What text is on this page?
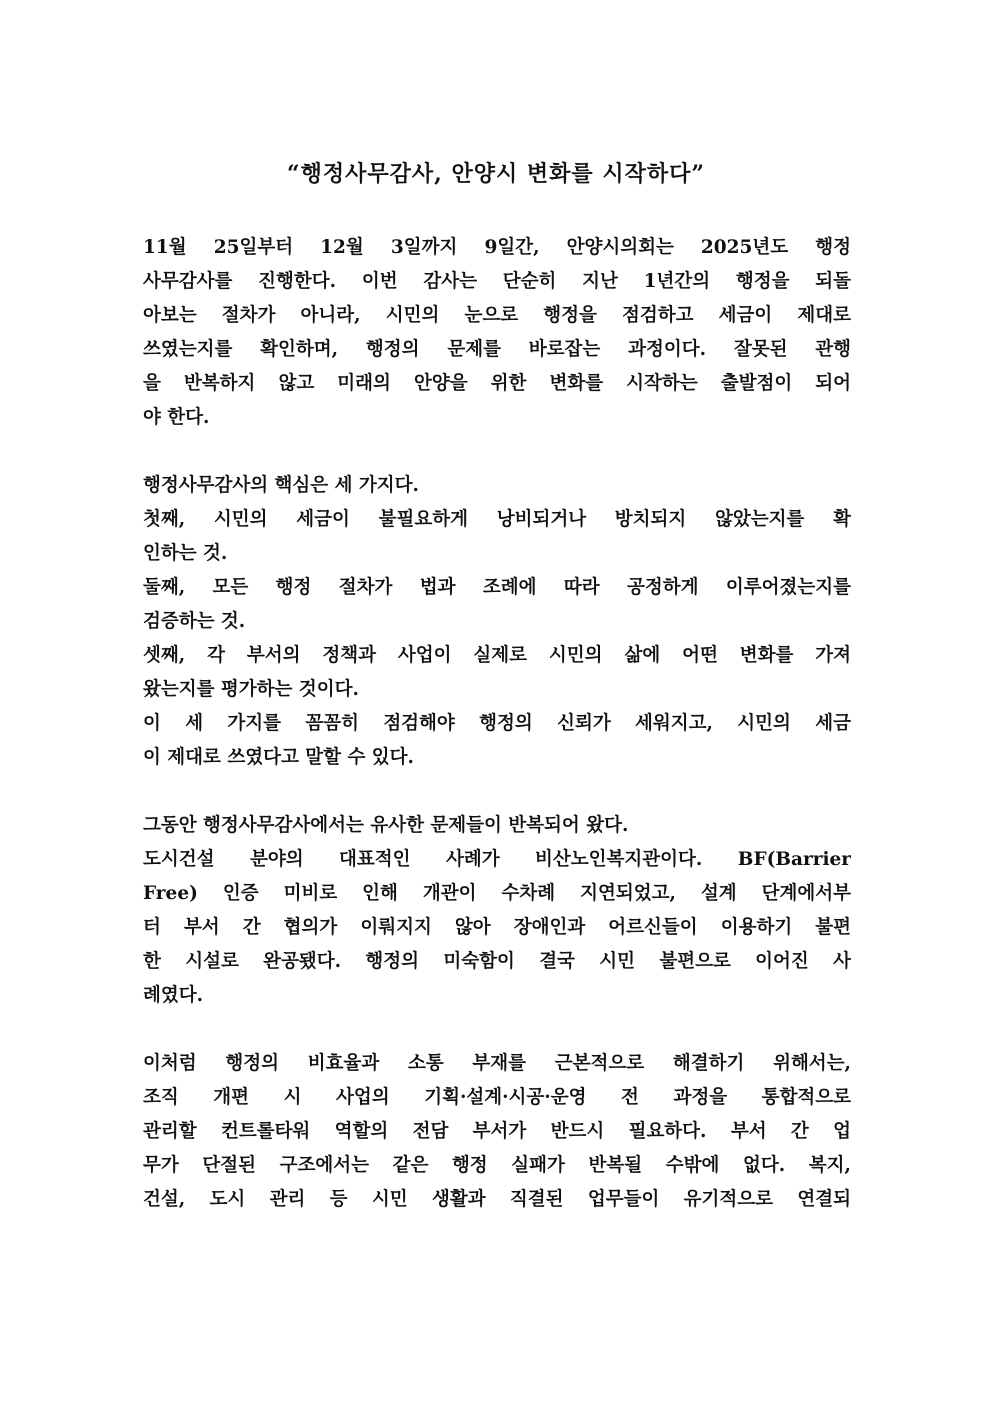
“행정사무감사, 안양시 변화를 시작하다”
11월 25일부터 12월 3일까지 9일간, 안양시의회는 2025년도 행정
사무감사를 진행한다. 이번 감사는 단순히 지난 1년간의 행정을 되돌
아보는 절차가 아니라, 시민의 눈으로 행정을 점검하고 세금이 제대로
쓰였는지를 확인하며, 행정의 문제를 바로잡는 과정이다. 잘못된 관행
을 반복하지 않고 미래의 안양을 위한 변화를 시작하는 출발점이 되어
야 한다.
행정사무감사의 핵심은 세 가지다.
첫째, 시민의 세금이 불필요하게 낭비되거나 방치되지 않았는지를 확
인하는 것.
둘째, 모든 행정 절차가 법과 조례에 따라 공정하게 이루어졌는지를
검증하는 것.
셋째, 각 부서의 정책과 사업이 실제로 시민의 삶에 어떤 변화를 가져
왔는지를 평가하는 것이다.
이 세 가지를 꼼꼼히 점검해야 행정의 신뢰가 세워지고, 시민의 세금
이 제대로 쓰였다고 말할 수 있다.
그동안 행정사무감사에서는 유사한 문제들이 반복되어 왔다.
도시건설 분야의 대표적인 사례가 비산노인복지관이다. BF(Barrier
Free) 인증 미비로 인해 개관이 수차례 지연되었고, 설계 단계에서부
터 부서 간 협의가 이뤄지지 않아 장애인과 어르신들이 이용하기 불편
한 시설로 완공됐다. 행정의 미숙함이 결국 시민 불편으로 이어진 사
례였다.
이처럼 행정의 비효율과 소통 부재를 근본적으로 해결하기 위해서는,
조직 개편 시 사업의 기획·설계·시공·운영 전 과정을 통합적으로
관리할 컨트롤타워 역할의 전담 부서가 반드시 필요하다. 부서 간 업
무가 단절된 구조에서는 같은 행정 실패가 반복될 수밖에 없다. 복지,
건설, 도시 관리 등 시민 생활과 직결된 업무들이 유기적으로 연결되
